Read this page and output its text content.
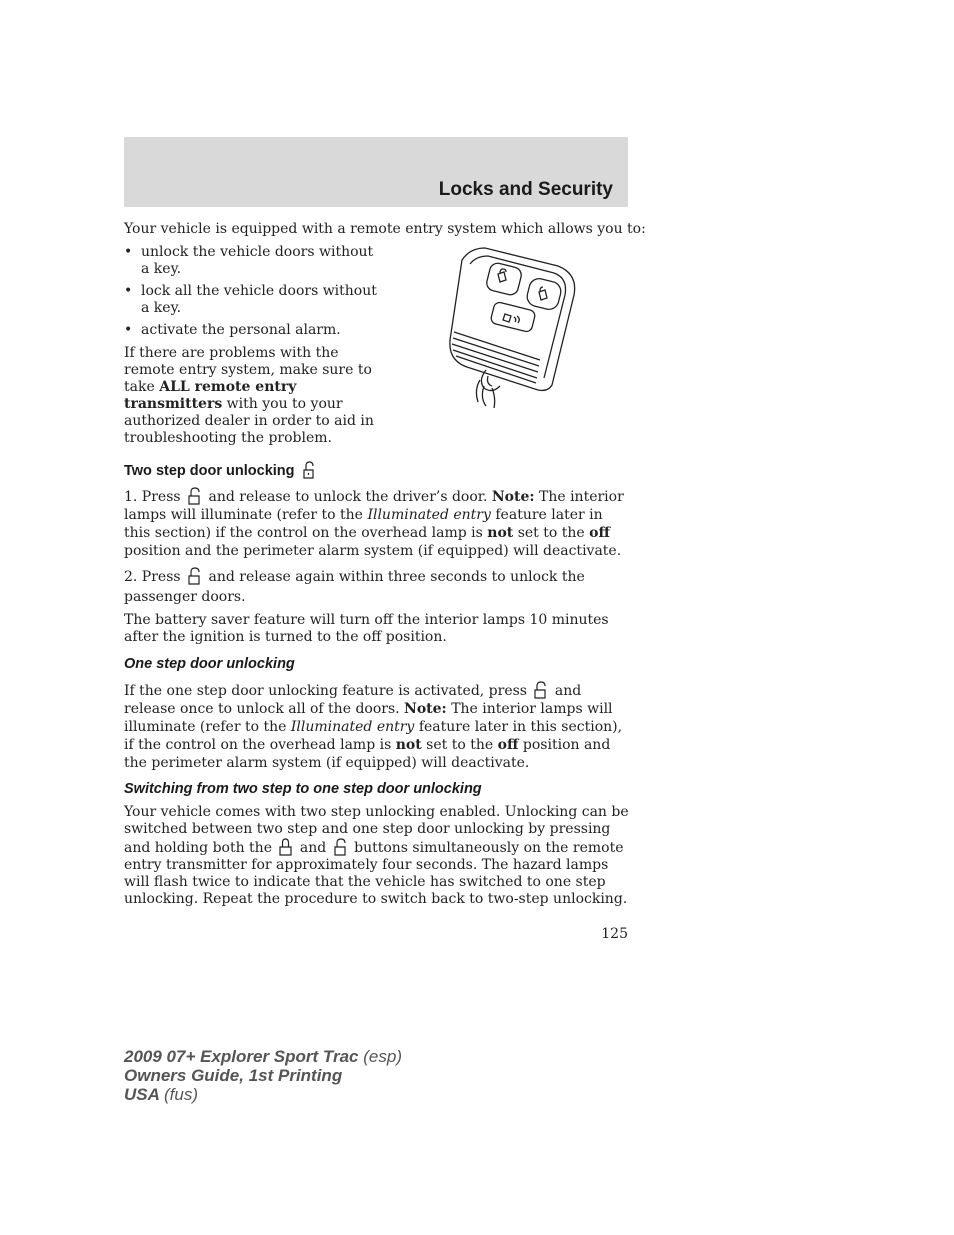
Locks and Security

Your vehicle is equipped with a remote entry system which allows you to:

• unlock the vehicle doors without a key.
• lock all the vehicle doors without a key.
• activate the personal alarm.

If there are problems with the remote entry system, make sure to take ALL remote entry transmitters with you to your authorized dealer in order to aid in troubleshooting the problem.

Two step door unlocking

1. Press and release to unlock the driver’s door. Note: The interior lamps will illuminate (refer to the Illuminated entry feature later in this section) if the control on the overhead lamp is not set to the off position and the perimeter alarm system (if equipped) will deactivate.

2. Press and release again within three seconds to unlock the passenger doors.

The battery saver feature will turn off the interior lamps 10 minutes after the ignition is turned to the off position.

One step door unlocking

If the one step door unlocking feature is activated, press and release once to unlock all of the doors. Note: The interior lamps will illuminate (refer to the Illuminated entry feature later in this section), if the control on the overhead lamp is not set to the off position and the perimeter alarm system (if equipped) will deactivate.

Switching from two step to one step door unlocking

Your vehicle comes with two step unlocking enabled. Unlocking can be switched between two step and one step door unlocking by pressing and holding both the and buttons simultaneously on the remote entry transmitter for approximately four seconds. The hazard lamps will flash twice to indicate that the vehicle has switched to one step unlocking. Repeat the procedure to switch back to two-step unlocking.

125
2009 07+ Explorer Sport Trac (esp)
Owners Guide, 1st Printing
USA (fus)
